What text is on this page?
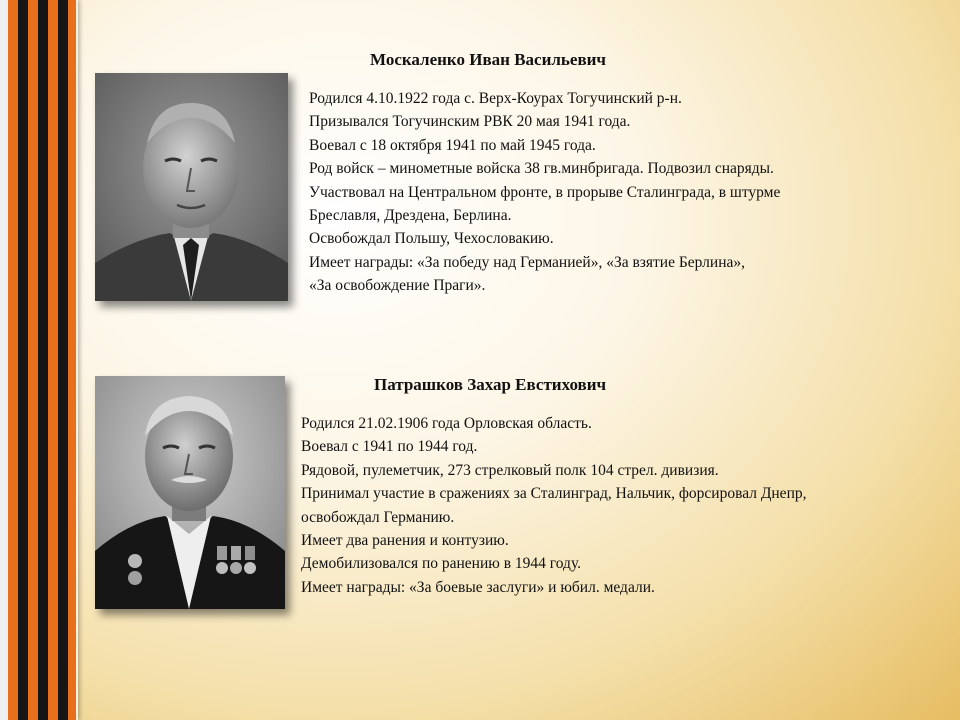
Москаленко Иван Васильевич
Родился 4.10.1922 года с. Верх-Коурах Тогучинский р-н.
Призывался Тогучинским РВК 20 мая 1941 года.
Воевал с 18 октября 1941 по май 1945 года.
Род войск – минометные войска 38 гв.минбригада. Подвозил снаряды.
Участвовал на Центральном фронте, в прорыве Сталинграда, в штурме
Бреславля, Дрездена, Берлина.
Освобождал Польшу, Чехословакию.
Имеет награды: «За победу над Германией», «За взятие Берлина»,
«За освобождение Праги».
Патрашков Захар Евстихович
Родился 21.02.1906 года Орловская область.
Воевал с 1941 по 1944 год.
Рядовой, пулеметчик, 273 стрелковый полк 104 стрел. дивизия.
Принимал участие в сражениях за Сталинград, Нальчик, форсировал Днепр,
освобождал Германию.
Имеет два ранения и контузию.
Демобилизовался по ранению в 1944 году.
Имеет награды: «За боевые заслуги» и юбил. медали.
